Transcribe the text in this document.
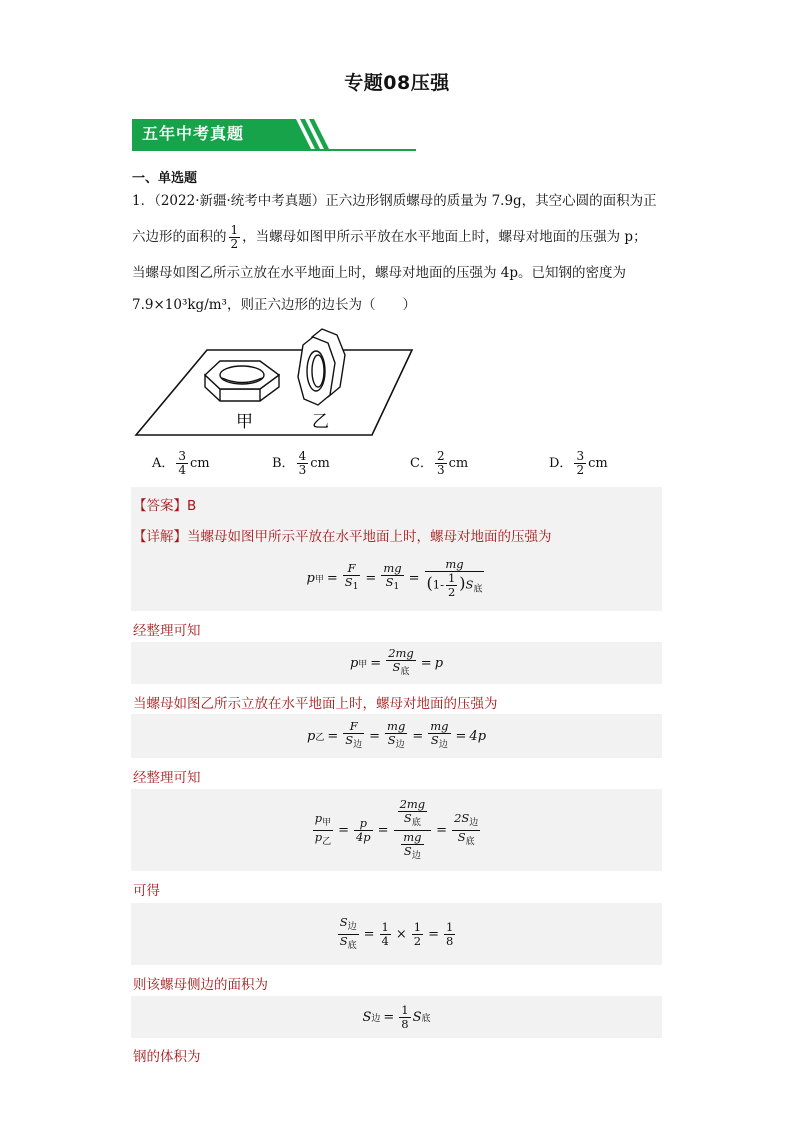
专题08压强
五年中考真题
一、单选题
1．（2022·新疆·统考中考真题）正六边形钢质螺母的质量为 7.9g，其空心圆的面积为正
六边形的面积的 $\frac{1}{2}$ ，当螺母如图甲所示平放在水平地面上时，螺母对地面的压强为 p；
当螺母如图乙所示立放在水平地面上时，螺母对地面的压强为 4p。已知钢的密度为
7.9×10³kg/m³，则正六边形的边长为（　　）
甲	乙
A． $\frac{3}{4}$ cm	B． $\frac{4}{3}$ cm	C． $\frac{2}{3}$ cm	D． $\frac{3}{2}$ cm
【答案】B
【详解】当螺母如图甲所示平放在水平地面上时，螺母对地面的压强为
p 甲 = $\frac{F}{S_1} = \frac{mg}{S_1} = \frac{mg}{(1- \frac{1}{2} )S_底}$
经整理可知
p 甲 = $\frac{2mg}{S_底} = p$
当螺母如图乙所示立放在水平地面上时，螺母对地面的压强为
p 乙 = $\frac{F}{S_边} = \frac{mg}{S_边} = \frac{mg}{S_边} = 4p$
经整理可知
$\frac{p_甲}{p_乙} = \frac{p}{4p} = \frac{\frac{2mg}{S_底}}{\frac{mg}{S_边}} = \frac{2S_边}{S_底}$
可得
$\frac{S_边}{S_底} = \frac{1}{4} \times \frac{1}{2} = \frac{1}{8}$
则该螺母侧边的面积为
S 边 = $\frac{1}{8}$ S 底
钢的体积为
